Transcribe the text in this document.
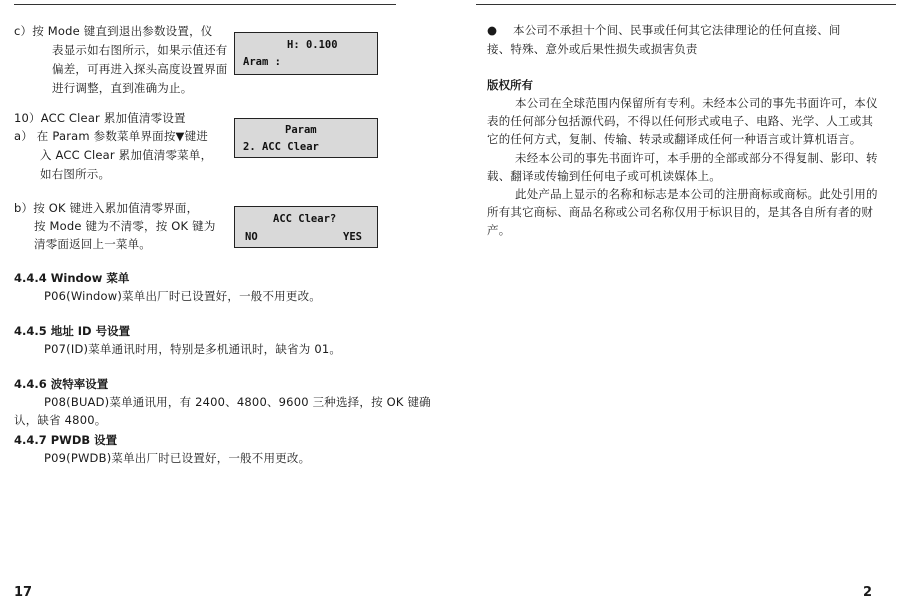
c）按 Mode 键直到退出参数设置，仪
表显示如右图所示，如果示值还有
偏差，可再进入探头高度设置界面
进行调整，直到准确为止。
H: 0.100
Aram :
10）ACC Clear 累加值清零设置
a） 在 Param 参数菜单界面按▼键进
入 ACC Clear 累加值清零菜单，
如右图所示。
Param
2. ACC Clear
b）按 OK 键进入累加值清零界面，
按 Mode 键为不清零，按 OK 键为
清零面返回上一菜单。
ACC Clear?
NO	YES
4.4.4 Window 菜单
P06(Window)菜单出厂时已设置好，一般不用更改。
4.4.5 地址 ID 号设置
P07(ID)菜单通讯时用，特别是多机通讯时，缺省为 01。
4.4.6 波特率设置
P08(BUAD)菜单通讯用，有 2400、4800、9600 三种选择，按 OK 键确
认，缺省 4800。
4.4.7 PWDB 设置
P09(PWDB)菜单出厂时已设置好，一般不用更改。
17
● 本公司不承担十个间、民事或任何其它法律理论的任何直接、间
接、特殊、意外或后果性损失或损害负责
版权所有
本公司在全球范围内保留所有专利。未经本公司的事先书面许可，本仪
表的任何部分包括源代码，不得以任何形式或电子、电路、光学、人工或其
它的任何方式，复制、传输、转录或翻译成任何一种语言或计算机语言。
未经本公司的事先书面许可，本手册的全部或部分不得复制、影印、转
载、翻译或传输到任何电子或可机读媒体上。
此处产品上显示的名称和标志是本公司的注册商标或商标。此处引用的
所有其它商标、商品名称或公司名称仅用于标识目的，是其各自所有者的财
产。
2
